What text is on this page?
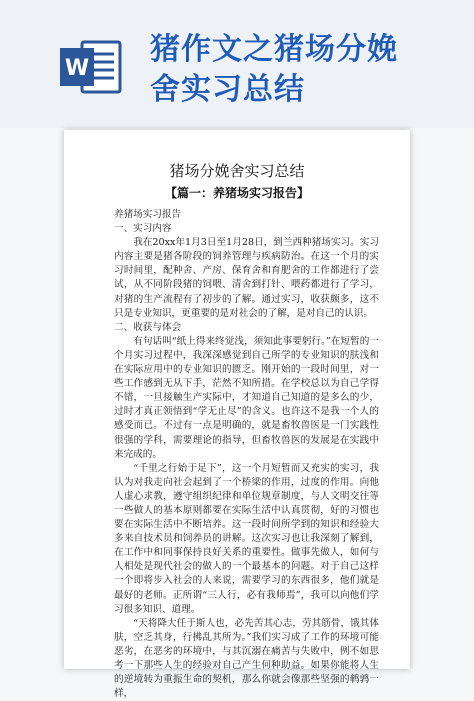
W
猪作文之猪场分娩
舍实习总结
猪场分娩舍实习总结
【篇一：养猪场实习报告】

养猪场实习报告

一、实习内容

我在20xx年1月3日至1月28日，到兰西种猪场实习。实习内容主要是猪各阶段的饲养管理与疾病防治。在这一个月的实习时间里，配种舍、产房、保育舍和育肥舍的工作都进行了尝试，从不同阶段猪的饲喂、清舍到打针、喂药都进行了学习，对猪的生产流程有了初步的了解。通过实习，收获颇多，这不只是专业知识，更重要的是对社会的了解，是对自己的认识。

二、收获与体会

有句话叫“纸上得来终觉浅，须知此事要躬行。”在短暂的一个月实习过程中，我深深感觉到自己所学的专业知识的肤浅和在实际应用中的专业知识的匮乏。刚开始的一段时间里，对一些工作感到无从下手，茫然不知所措。在学校总以为自己学得不错，一旦接触生产实际中，才知道自己知道的是多么的少，过时才真正领悟到“学无止尽”的含义。也许这不是我一个人的感受而已。不过有一点是明确的，就是畜牧兽医是一门实践性很强的学科，需要理论的指导，但畜牧兽医的发展是在实践中来完成的。

“千里之行始于足下”，这一个月短暂而又充实的实习，我认为对我走向社会起到了一个桥梁的作用，过度的作用。向他人虚心求教，遵守组织纪律和单位规章制度，与人文明交往等一些做人的基本原则都要在实际生活中认真贯彻，好的习惯也要在实际生活中不断培养。这一段时间所学到的知识和经验大多来自技术员和饲养员的讲解。这次实习也让我深刻了解到，在工作中和同事保持良好关系的重要性。做事先做人，如何与人相处是现代社会的做人的一个最基本的问题。对于自己这样一个即将步入社会的人来说，需要学习的东西很多，他们就是最好的老师。正所谓“三人行，必有我师焉”，我可以向他们学习很多知识、道理。

“天将降大任于斯人也，必先苦其心志，劳其筋骨，饿其体肤，空乏其身，行拂乱其所为。”我们实习成了工作的环境可能恶劣，在恶劣的环境中，与其沉溺在痛苦与失败中，例不如思考一下那些人生的经验对自己产生何种助益。如果你能将人生的逆境转为重振生命的契机，那么你就会像那些坚强的鹌鹑一样，
